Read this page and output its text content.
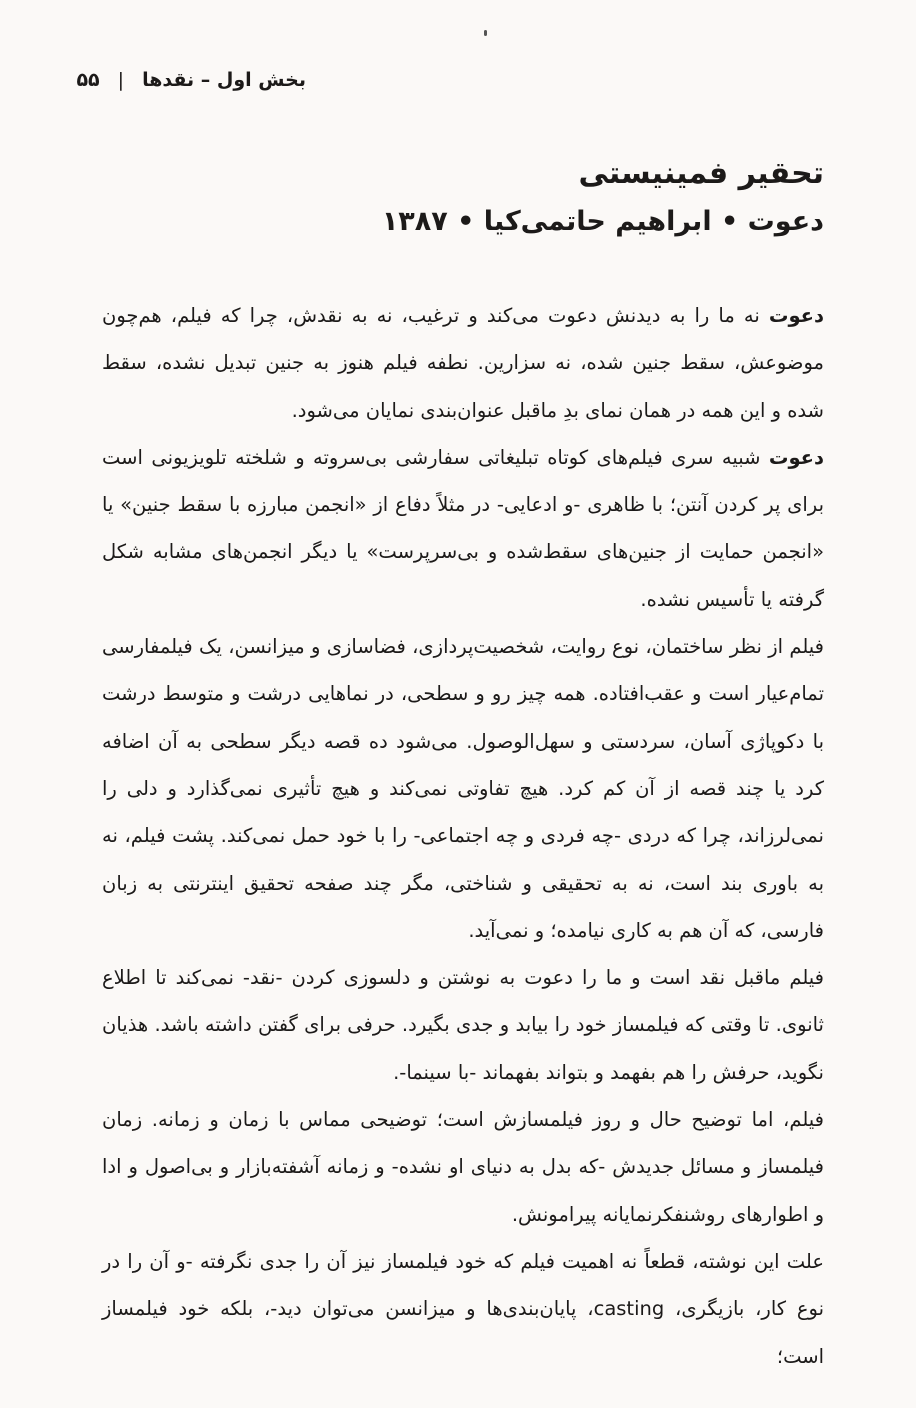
بخش اول – نقدها
|
۵۵
تحقیر فمینیستی
دعوت • ابراهیم حاتمی‌کیا • ۱۳۸۷

دعوت نه ما را به دیدنش دعوت می‌کند و ترغیب، نه به نقدش، چرا که فیلم، هم‌چون موضوعش، سقط جنین شده، نه سزارین. نطفه فیلم هنوز به جنین تبدیل نشده، سقط شده و این همه در همان نمای بدِ ماقبل عنوان‌بندی نمایان می‌شود.

دعوت شبیه سری فیلم‌های کوتاه تبلیغاتی سفارشی بی‌سروته و شلخته تلویزیونی است برای پر کردن آنتن؛ با ظاهری -و ادعایی- در مثلاً دفاع از «انجمن مبارزه با سقط جنین» یا «انجمن حمایت از جنین‌های سقط‌شده و بی‌سرپرست» یا دیگر انجمن‌های مشابه شکل گرفته یا تأسیس نشده.

فیلم از نظر ساختمان، نوع روایت، شخصیت‌پردازی، فضاسازی و میزانسن، یک فیلمفارسی تمام‌عیار است و عقب‌افتاده. همه چیز رو و سطحی، در نماهایی درشت و متوسط درشت با دکوپاژی آسان، سردستی و سهل‌الوصول. می‌شود ده قصه دیگر سطحی به آن اضافه کرد یا چند قصه از آن کم کرد. هیچ تفاوتی نمی‌کند و هیچ تأثیری نمی‌گذارد و دلی را نمی‌لرزاند، چرا که دردی -چه فردی و چه اجتماعی- را با خود حمل نمی‌کند. پشت فیلم، نه به باوری بند است، نه به تحقیقی و شناختی، مگر چند صفحه تحقیق اینترنتی به زبان فارسی، که آن هم به کاری نیامده؛ و نمی‌آید.

فیلم ماقبل نقد است و ما را دعوت به نوشتن و دلسوزی کردن -نقد- نمی‌کند تا اطلاع ثانوی. تا وقتی که فیلمساز خود را بیابد و جدی بگیرد. حرفی برای گفتن داشته باشد. هذیان نگوید، حرفش را هم بفهمد و بتواند بفهماند -با سینما-.

فیلم، اما توضیح حال و روز فیلمسازش است؛ توضیحی مماس با زمان و زمانه. زمان فیلمساز و مسائل جدیدش -که بدل به دنیای او نشده- و زمانه آشفته‌بازار و بی‌اصول و ادا و اطوارهای روشنفکرنمایانه پیرامونش.

علت این نوشته، قطعاً نه اهمیت فیلم که خود فیلمساز نیز آن را جدی نگرفته -و آن را در نوع کار، بازیگری، casting، پایان‌بندی‌ها و میزانسن می‌توان دید-، بلکه خود فیلمساز است؛
